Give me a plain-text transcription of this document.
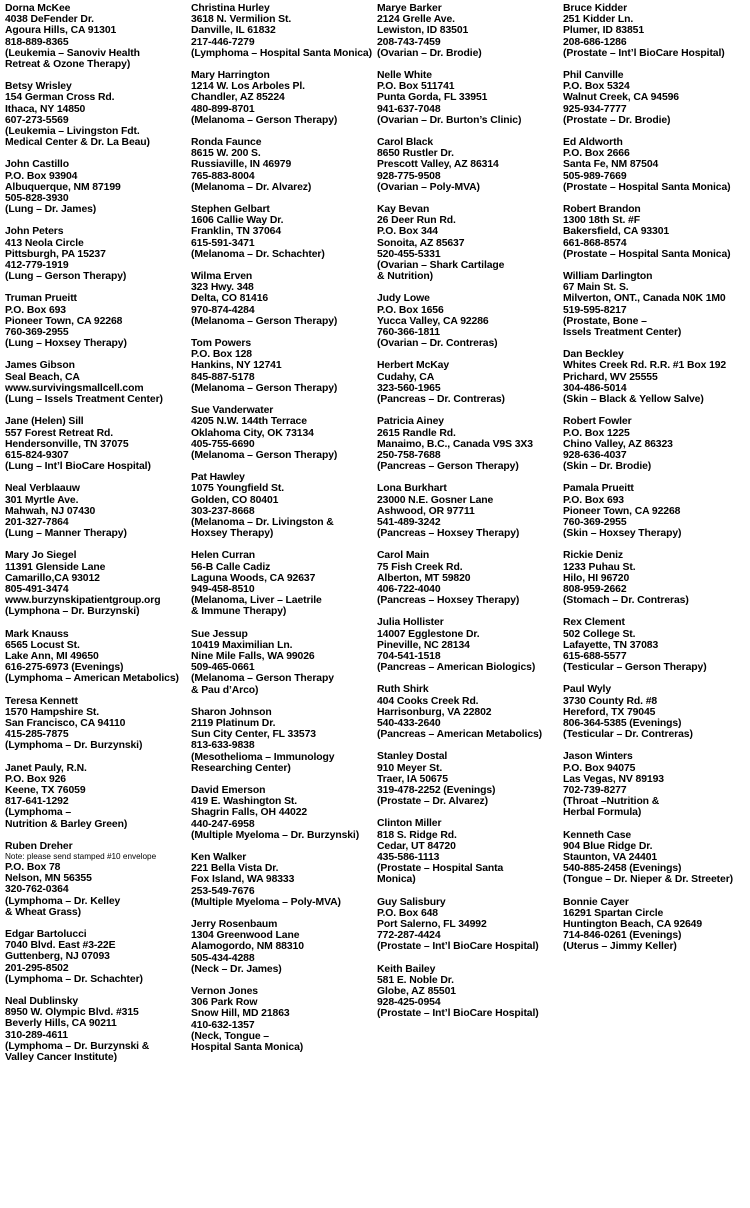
Dorna McKee
4038 DeFender Dr.
Agoura Hills, CA 91301
818-889-8365
(Leukemia – Sanoviv Health
Retreat & Ozone Therapy)
Betsy Wrisley
154 German Cross Rd.
Ithaca, NY 14850
607-273-5569
(Leukemia – Livingston Fdt.
Medical Center & Dr. La Beau)
John Castillo
P.O. Box 93904
Albuquerque, NM 87199
505-828-3930
(Lung – Dr. James)
John Peters
413 Neola Circle
Pittsburgh, PA 15237
412-779-1919
(Lung – Gerson Therapy)
Truman Prueitt
P.O. Box 693
Pioneer Town, CA 92268
760-369-2955
(Lung – Hoxsey Therapy)
James Gibson
Seal Beach, CA
www.survivingsmallcell.com
(Lung – Issels Treatment Center)
Jane (Helen) Sill
557 Forest Retreat Rd.
Hendersonville, TN 37075
615-824-9307
(Lung – Int’l BioCare Hospital)
Neal Verblaauw
301 Myrtle Ave.
Mahwah, NJ 07430
201-327-7864
(Lung – Manner Therapy)
Mary Jo Siegel
11391 Glenside Lane
Camarillo,CA 93012
805-491-3474
www.burzynskipatientgroup.org
(Lymphona – Dr. Burzynski)
Mark Knauss
6565 Locust St.
Lake Ann, MI 49650
616-275-6973 (Evenings)
(Lymphoma – American Metabolics)
Teresa Kennett
1570 Hampshire St.
San Francisco, CA 94110
415-285-7875
(Lymphoma – Dr. Burzynski)
Janet Pauly, R.N.
P.O. Box 926
Keene, TX 76059
817-641-1292
(Lymphoma –
Nutrition & Barley Green)
Ruben Dreher
Note: please send stamped #10 envelope
P.O. Box 78
Nelson, MN 56355
320-762-0364
(Lymphoma – Dr. Kelley
& Wheat Grass)
Edgar Bartolucci
7040 Blvd. East #3-22E
Guttenberg, NJ 07093
201-295-8502
(Lymphoma – Dr. Schachter)
Neal Dublinsky
8950 W. Olympic Blvd. #315
Beverly Hills, CA 90211
310-289-4611
(Lymphoma – Dr. Burzynski &
Valley Cancer Institute)
Christina Hurley
3618 N. Vermilion St.
Danville, IL 61832
217-446-7279
(Lymphoma – Hospital Santa Monica)
Mary Harrington
1214 W. Los Arboles Pl.
Chandler, AZ 85224
480-899-8701
(Melanoma – Gerson Therapy)
Ronda Faunce
8615 W. 200 S.
Russiaville, IN 46979
765-883-8004
(Melanoma – Dr. Alvarez)
Stephen Gelbart
1606 Callie Way Dr.
Franklin, TN 37064
615-591-3471
(Melanoma – Dr. Schachter)
Wilma Erven
323 Hwy. 348
Delta, CO 81416
970-874-4284
(Melanoma – Gerson Therapy)
Tom Powers
P.O. Box 128
Hankins, NY 12741
845-887-5178
(Melanoma – Gerson Therapy)
Sue Vanderwater
4205 N.W. 144th Terrace
Oklahoma City, OK 73134
405-755-6690
(Melanoma – Gerson Therapy)
Pat Hawley
1075 Youngfield St.
Golden, CO 80401
303-237-8668
(Melanoma – Dr. Livingston &
Hoxsey Therapy)
Helen Curran
56-B Calle Cadiz
Laguna Woods, CA 92637
949-458-8510
(Melanoma, Liver – Laetrile
& Immune Therapy)
Sue Jessup
10419 Maximilian Ln.
Nine Mile Falls, WA 99026
509-465-0661
(Melanoma – Gerson Therapy
& Pau d’Arco)
Sharon Johnson
2119 Platinum Dr.
Sun City Center, FL 33573
813-633-9838
(Mesothelioma – Immunology
Researching Center)
David Emerson
419 E. Washington St.
Shagrin Falls, OH 44022
440-247-6958
(Multiple Myeloma – Dr. Burzynski)
Ken Walker
221 Bella Vista Dr.
Fox Island, WA 98333
253-549-7676
(Multiple Myeloma – Poly-MVA)
Jerry Rosenbaum
1304 Greenwood Lane
Alamogordo, NM 88310
505-434-4288
(Neck – Dr. James)
Vernon Jones
306 Park Row
Snow Hill, MD 21863
410-632-1357
(Neck, Tongue –
Hospital Santa Monica)
Marye Barker
2124 Grelle Ave.
Lewiston, ID 83501
208-743-7459
(Ovarian – Dr. Brodie)
Nelle White
P.O. Box 511741
Punta Gorda, FL 33951
941-637-7048
(Ovarian – Dr. Burton’s Clinic)
Carol Black
8650 Rustler Dr.
Prescott Valley, AZ 86314
928-775-9508
(Ovarian – Poly-MVA)
Kay Bevan
26 Deer Run Rd.
P.O. Box 344
Sonoita, AZ 85637
520-455-5331
(Ovarian – Shark Cartilage
& Nutrition)
Judy Lowe
P.O. Box 1656
Yucca Valley, CA 92286
760-366-1811
(Ovarian – Dr. Contreras)
Herbert McKay
Cudahy, CA
323-560-1965
(Pancreas – Dr. Contreras)
Patricia Ainey
2615 Randle Rd.
Manaimo, B.C., Canada V9S 3X3
250-758-7688
(Pancreas – Gerson Therapy)
Lona Burkhart
23000 N.E. Gosner Lane
Ashwood, OR 97711
541-489-3242
(Pancreas – Hoxsey Therapy)
Carol Main
75 Fish Creek Rd.
Alberton, MT 59820
406-722-4040
(Pancreas – Hoxsey Therapy)
Julia Hollister
14007 Egglestone Dr.
Pineville, NC 28134
704-541-1518
(Pancreas – American Biologics)
Ruth Shirk
404 Cooks Creek Rd.
Harrisonburg, VA 22802
540-433-2640
(Pancreas – American Metabolics)
Stanley Dostal
910 Meyer St.
Traer, IA 50675
319-478-2252 (Evenings)
(Prostate – Dr. Alvarez)
Clinton Miller
818 S. Ridge Rd.
Cedar, UT 84720
435-586-1113
(Prostate – Hospital Santa
Monica)
Guy Salisbury
P.O. Box 648
Port Salerno, FL 34992
772-287-4424
(Prostate – Int’l BioCare Hospital)
Keith Bailey
581 E. Noble Dr.
Globe, AZ 85501
928-425-0954
(Prostate – Int’l BioCare Hospital)
Bruce Kidder
251 Kidder Ln.
Plumer, ID 83851
208-686-1286
(Prostate – Int’l BioCare Hospital)
Phil Canville
P.O. Box 5324
Walnut Creek, CA 94596
925-934-7777
(Prostate – Dr. Brodie)
Ed Aldworth
P.O. Box 2666
Santa Fe, NM 87504
505-989-7669
(Prostate – Hospital Santa Monica)
Robert Brandon
1300 18th St. #F
Bakersfield, CA 93301
661-868-8574
(Prostate – Hospital Santa Monica)
William Darlington
67 Main St. S.
Milverton, ONT., Canada N0K 1M0
519-595-8217
(Prostate, Bone –
Issels Treatment Center)
Dan Beckley
Whites Creek Rd. R.R. #1 Box 192
Prichard, WV 25555
304-486-5014
(Skin – Black & Yellow Salve)
Robert Fowler
P.O. Box 1225
Chino Valley, AZ 86323
928-636-4037
(Skin – Dr. Brodie)
Pamala Prueitt
P.O. Box 693
Pioneer Town, CA 92268
760-369-2955
(Skin – Hoxsey Therapy)
Rickie Deniz
1233 Puhau St.
Hilo, HI 96720
808-959-2662
(Stomach – Dr. Contreras)
Rex Clement
502 College St.
Lafayette, TN 37083
615-688-5577
(Testicular – Gerson Therapy)
Paul Wyly
3730 County Rd. #8
Hereford, TX 79045
806-364-5385 (Evenings)
(Testicular – Dr. Contreras)
Jason Winters
P.O. Box 94075
Las Vegas, NV 89193
702-739-8277
(Throat –Nutrition &
Herbal Formula)
Kenneth Case
904 Blue Ridge Dr.
Staunton, VA 24401
540-885-2458 (Evenings)
(Tongue – Dr. Nieper & Dr. Streeter)
Bonnie Cayer
16291 Spartan Circle
Huntington Beach, CA 92649
714-846-0261 (Evenings)
(Uterus – Jimmy Keller)
